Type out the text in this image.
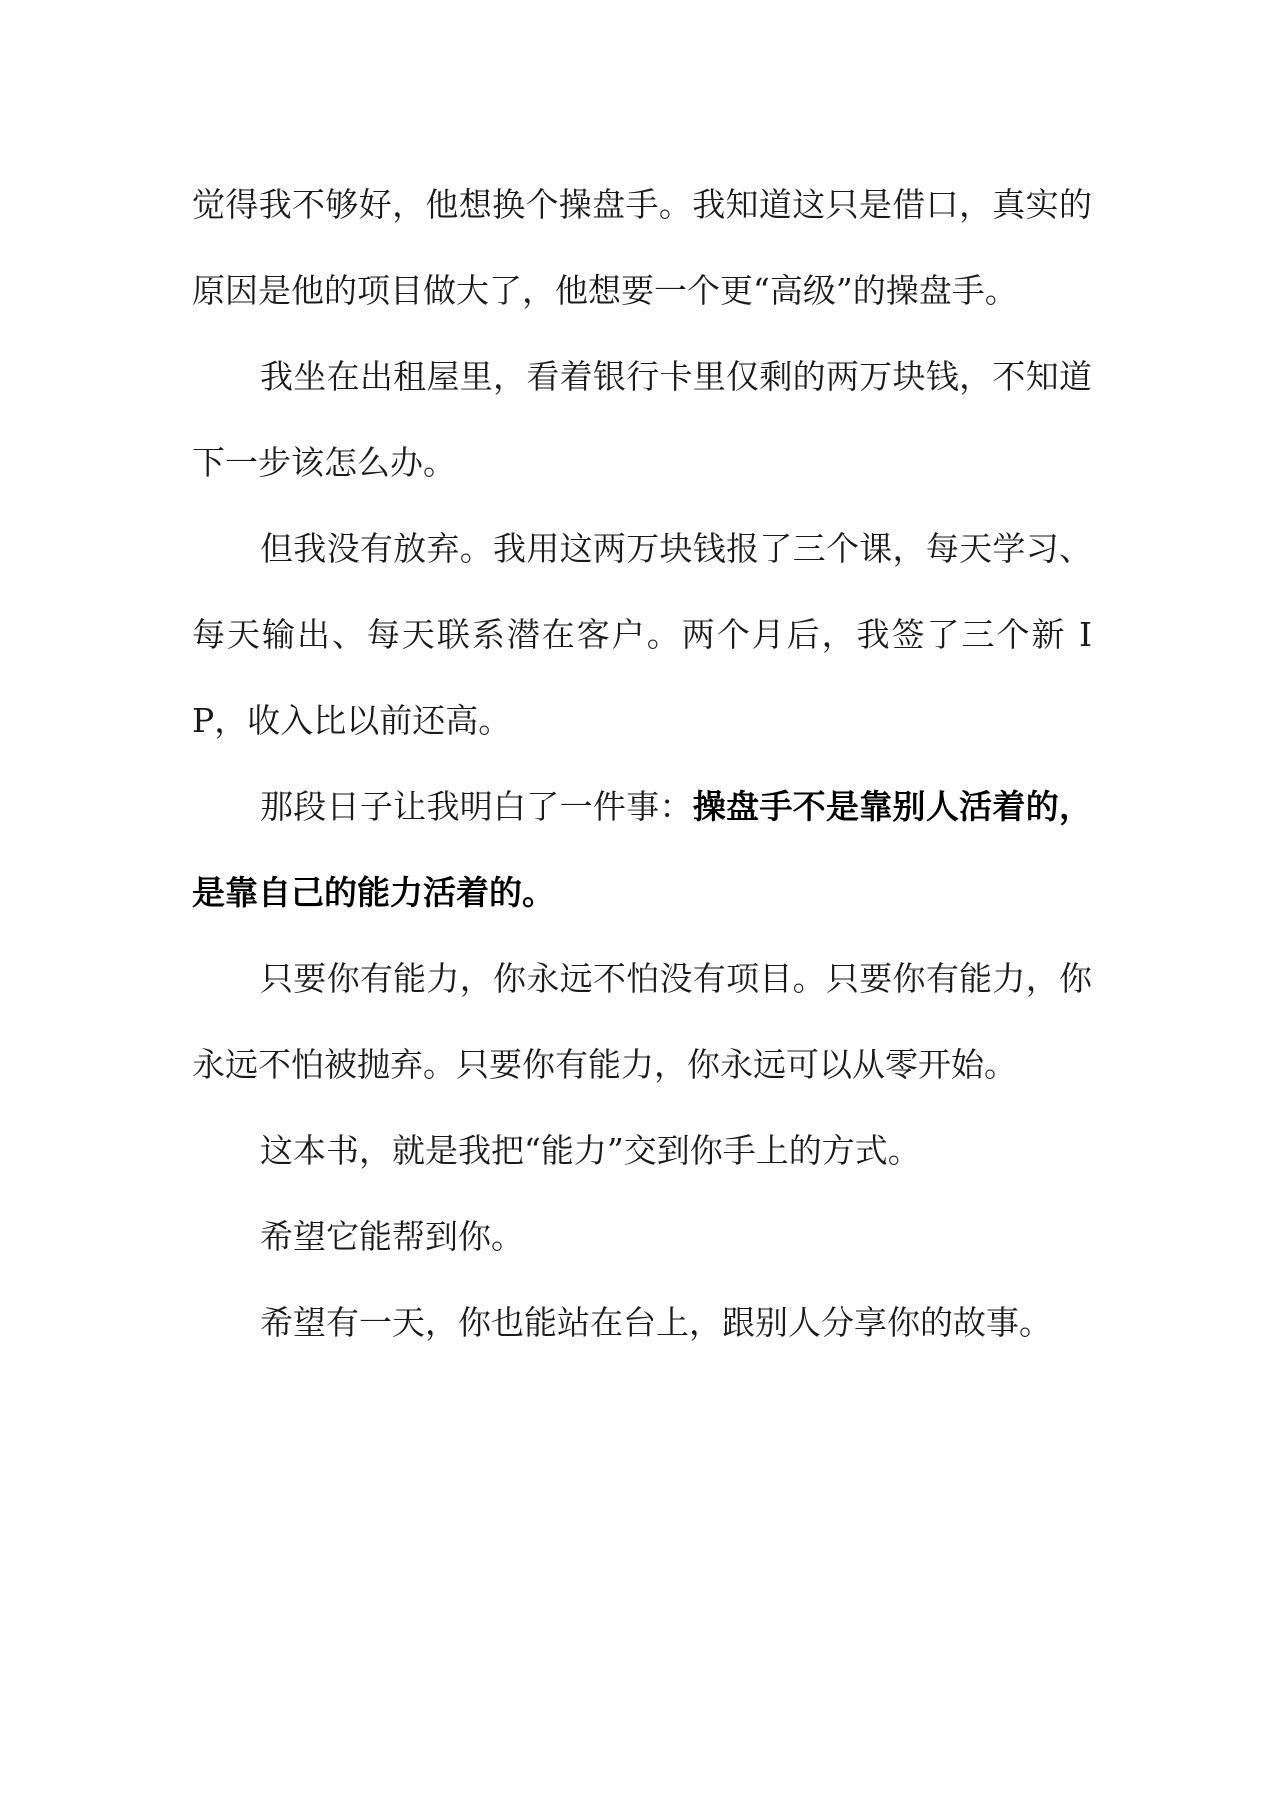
觉得我不够好，他想换个操盘手。我知道这只是借口，真实的原因是他的项目做大了，他想要一个更“高级”的操盘手。

我坐在出租屋里，看着银行卡里仅剩的两万块钱，不知道下一步该怎么办。

但我没有放弃。我用这两万块钱报了三个课，每天学习、每天输出、每天联系潜在客户。两个月后，我签了三个新 IP，收入比以前还高。

那段日子让我明白了一件事：操盘手不是靠别人活着的，是靠自己的能力活着的。

只要你有能力，你永远不怕没有项目。只要你有能力，你永远不怕被抛弃。只要你有能力，你永远可以从零开始。

这本书，就是我把“能力”交到你手上的方式。

希望它能帮到你。

希望有一天，你也能站在台上，跟别人分享你的故事。
